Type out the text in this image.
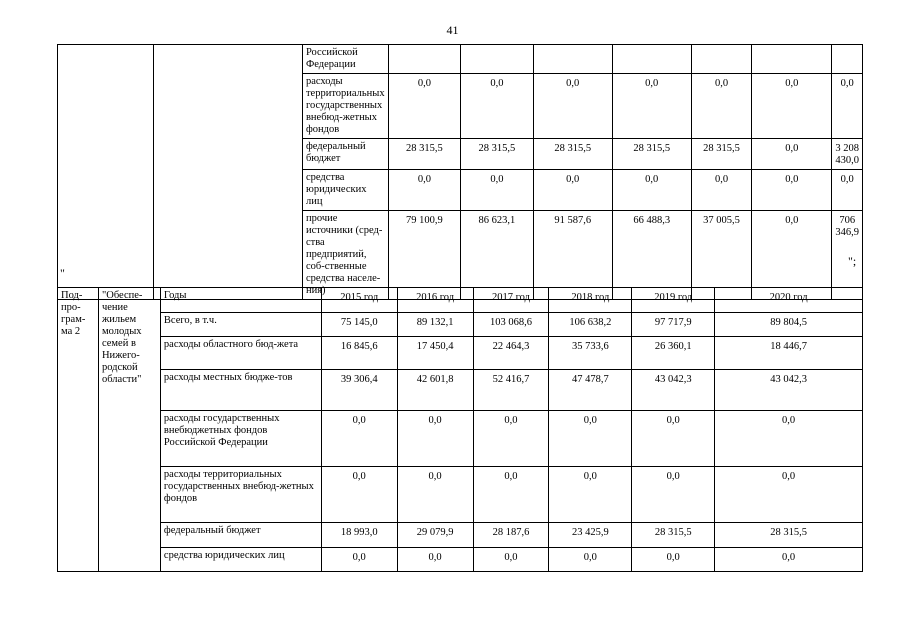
41
		Российской Федерации							
		расходы территориальных государственных внебюд-жетных фондов	0,0	0,0	0,0	0,0	0,0	0,0	0,0
		федеральный бюджет	28 315,5	28 315,5	28 315,5	28 315,5	28 315,5	0,0	3 208 430,0
		средства юридических лиц	0,0	0,0	0,0	0,0	0,0	0,0	0,0
		прочие источники (сред-ства предприятий, соб-ственные средства населе-ния)	79 100,9	86 623,1	91 587,6	66 488,3	37 005,5	0,0	706 346,9
";
"
Под-про-грам-ма 2	"Обеспе-чение жильем молодых семей в Нижего-родской области"	Годы	2015 год	2016 год	2017 год	2018 год	2019 год	2020 год
		Всего, в т.ч.	75 145,0	89 132,1	103 068,6	106 638,2	97 717,9	89 804,5
		расходы областного бюд-жета	16 845,6	17 450,4	22 464,3	35 733,6	26 360,1	18 446,7
		расходы местных бюдже-тов	39 306,4	42 601,8	52 416,7	47 478,7	43 042,3	43 042,3
		расходы государственных внебюджетных фондов Российской Федерации	0,0	0,0	0,0	0,0	0,0	0,0
		расходы территориальных государственных внебюд-жетных фондов	0,0	0,0	0,0	0,0	0,0	0,0
		федеральный бюджет	18 993,0	29 079,9	28 187,6	23 425,9	28 315,5	28 315,5
		средства юридических лиц	0,0	0,0	0,0	0,0	0,0	0,0
